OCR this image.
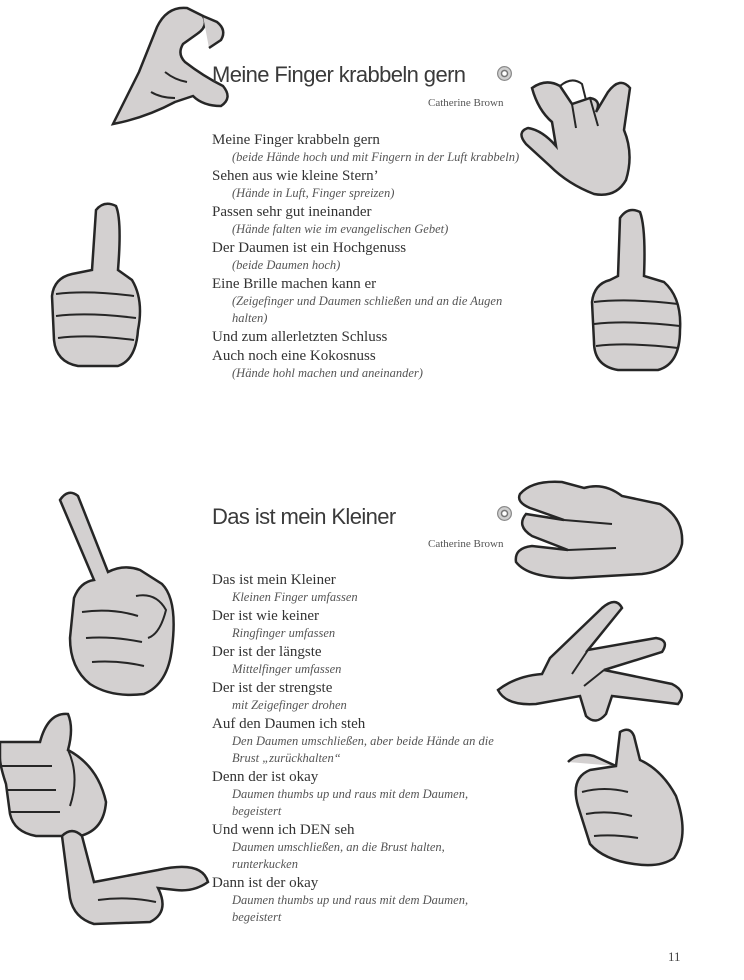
Meine Finger krabbeln gern
Catherine Brown
Meine Finger krabbeln gern
(beide Hände hoch und mit Fingern in der Luft krabbeln)
Sehen aus wie kleine Stern’
(Hände in Luft, Finger spreizen)
Passen sehr gut ineinander
(Hände falten wie im evangelischen Gebet)
Der Daumen ist ein Hochgenuss
(beide Daumen hoch)
Eine Brille machen kann er
(Zeigefinger und Daumen schließen und an die Augen halten)
Und zum allerletzten Schluss
Auch noch eine Kokosnuss
(Hände hohl machen und aneinander)
Das ist mein Kleiner
Catherine Brown
Das ist mein Kleiner
Kleinen Finger umfassen
Der ist wie keiner
Ringfinger umfassen
Der ist der längste
Mittelfinger umfassen
Der ist der strengste
mit Zeigefinger drohen
Auf den Daumen ich steh
Den Daumen umschließen, aber beide Hände an die Brust „zurückhalten“
Denn der ist okay
Daumen thumbs up und raus mit dem Daumen, begeistert
Und wenn ich DEN seh
Daumen umschließen, an die Brust halten, runterkucken
Dann ist der okay
Daumen thumbs up und raus mit dem Daumen, begeistert
11
